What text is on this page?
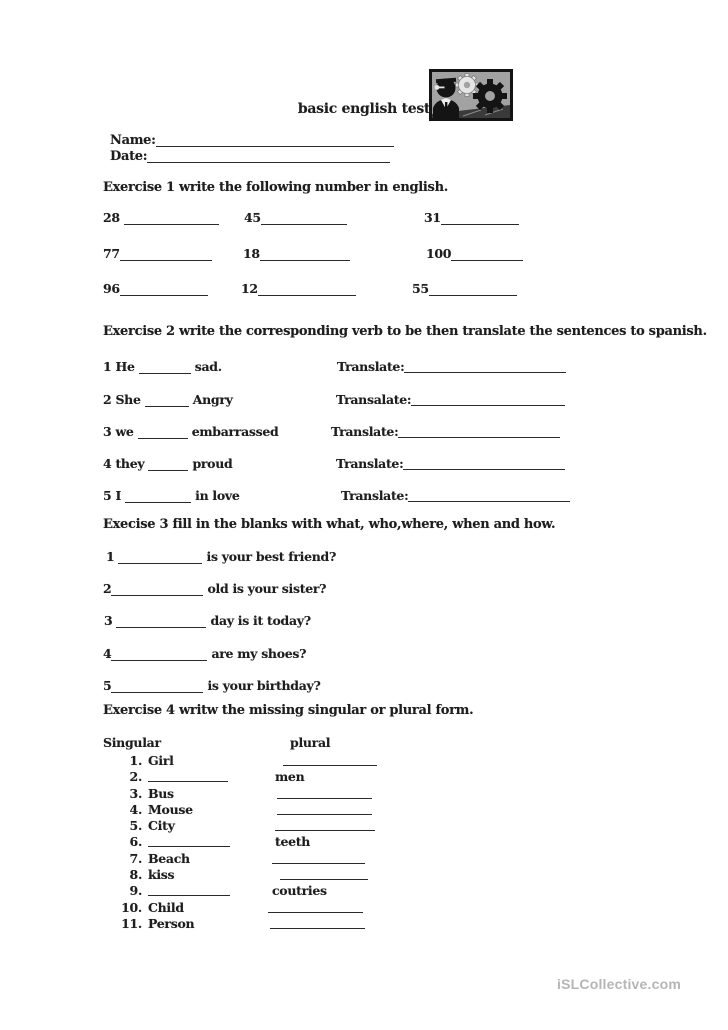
basic english test
Name:
Date:
Exercise 1 write the following number in english.
28	45	31
77	18	100
96	12	55
Exercise 2 write the corresponding verb to be then translate the sentences to spanish.
1 He	sad.	Translate:
2 She	Angry	Transalate:
3 we	embarrassed	Translate:
4 they	proud	Translate:
5 I	in love	Translate:
Execise 3 fill in the blanks with what, who,where, when and how.
1	is your best friend?
2	old is your sister?
3	day is it today?
4	are my shoes?
5	is your birthday?
Exercise 4 writw the missing singular or plural form.
Singular	plural
1. Girl
2.	men
3. Bus
4. Mouse
5. City
6.	teeth
7. Beach
8. kiss
9.	coutries
10. Child
11. Person
iSLCollective.com
